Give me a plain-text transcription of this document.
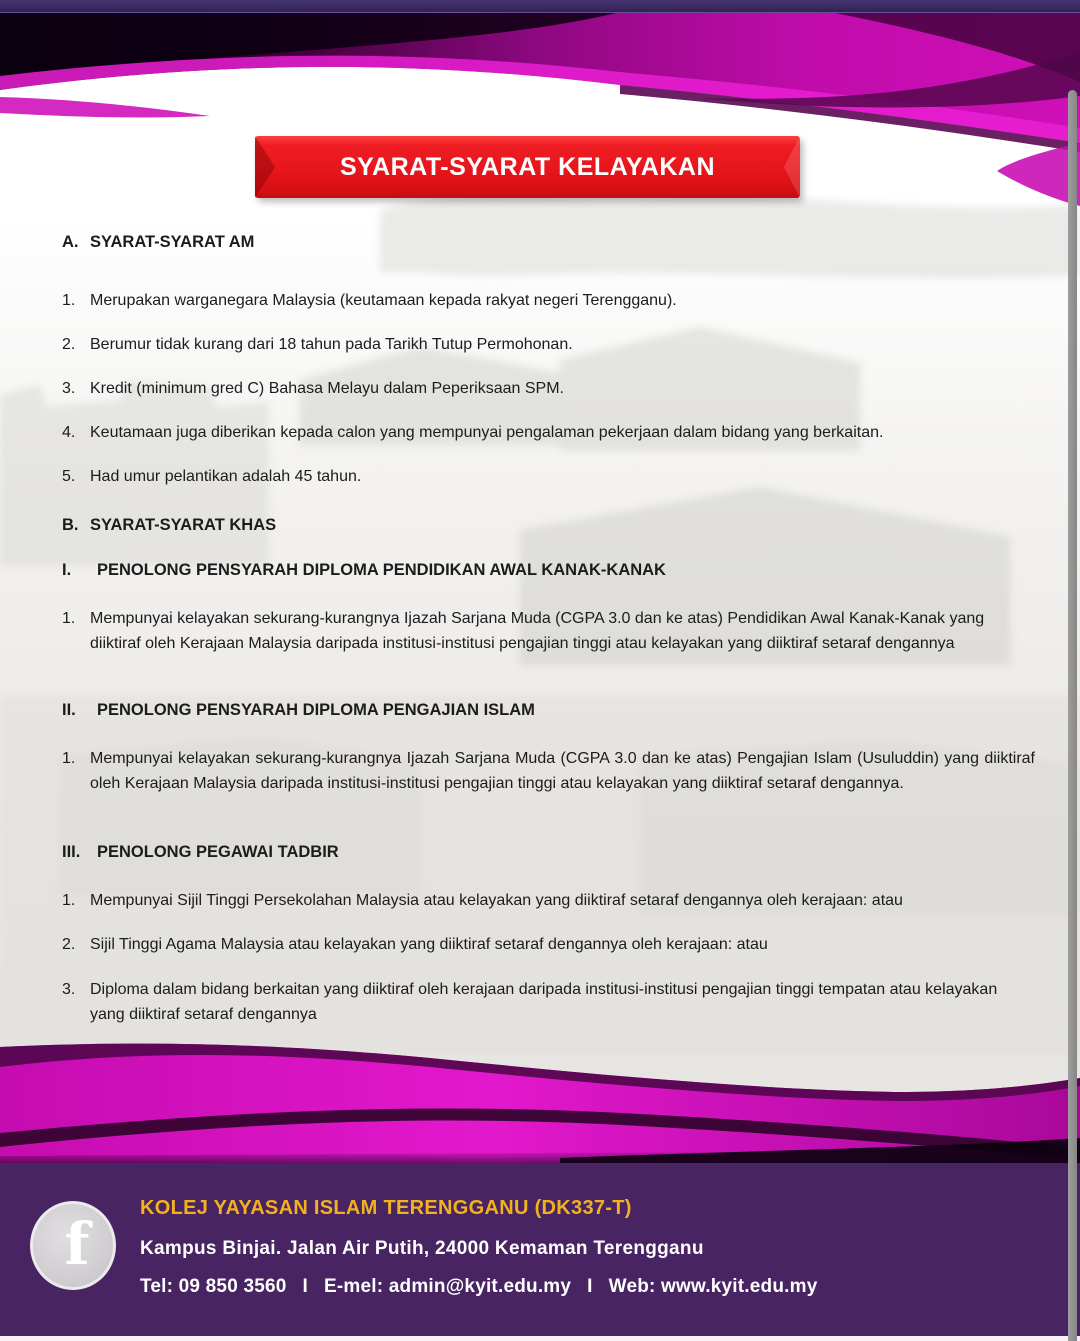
SYARAT-SYARAT KELAYAKAN
A. SYARAT-SYARAT AM
1. Merupakan warganegara Malaysia (keutamaan kepada rakyat negeri Terengganu).
2. Berumur tidak kurang dari 18 tahun pada Tarikh Tutup Permohonan.
3. Kredit (minimum gred C) Bahasa Melayu dalam Peperiksaan SPM.
4. Keutamaan juga diberikan kepada calon yang mempunyai pengalaman pekerjaan dalam bidang yang berkaitan.
5. Had umur pelantikan adalah 45 tahun.
B. SYARAT-SYARAT KHAS
I.	PENOLONG PENSYARAH DIPLOMA PENDIDIKAN AWAL KANAK-KANAK
1. Mempunyai kelayakan sekurang-kurangnya Ijazah Sarjana Muda (CGPA 3.0 dan ke atas) Pendidikan Awal Kanak-Kanak yang diiktiraf oleh Kerajaan Malaysia daripada institusi-institusi pengajian tinggi atau kelayakan yang diiktiraf setaraf dengannya
II.	PENOLONG PENSYARAH DIPLOMA PENGAJIAN ISLAM
1. Mempunyai kelayakan sekurang-kurangnya Ijazah Sarjana Muda (CGPA 3.0 dan ke atas) Pengajian Islam (Usuluddin) yang diiktiraf oleh Kerajaan Malaysia daripada institusi-institusi pengajian tinggi atau kelayakan yang diiktiraf setaraf dengannya.
III.	PENOLONG PEGAWAI TADBIR
1. Mempunyai Sijil Tinggi Persekolahan Malaysia atau kelayakan yang diiktiraf setaraf dengannya oleh kerajaan: atau
2. Sijil Tinggi Agama Malaysia atau kelayakan yang diiktiraf setaraf dengannya oleh kerajaan: atau
3. Diploma dalam bidang berkaitan yang diiktiraf oleh kerajaan daripada institusi-institusi pengajian tinggi tempatan atau kelayakan yang diiktiraf setaraf dengannya
f
KOLEJ YAYASAN ISLAM TERENGGANU (DK337-T)
Kampus Binjai. Jalan Air Putih, 24000 Kemaman Terengganu
Tel: 09 850 3560 I E-mel: admin@kyit.edu.my I Web: www.kyit.edu.my
